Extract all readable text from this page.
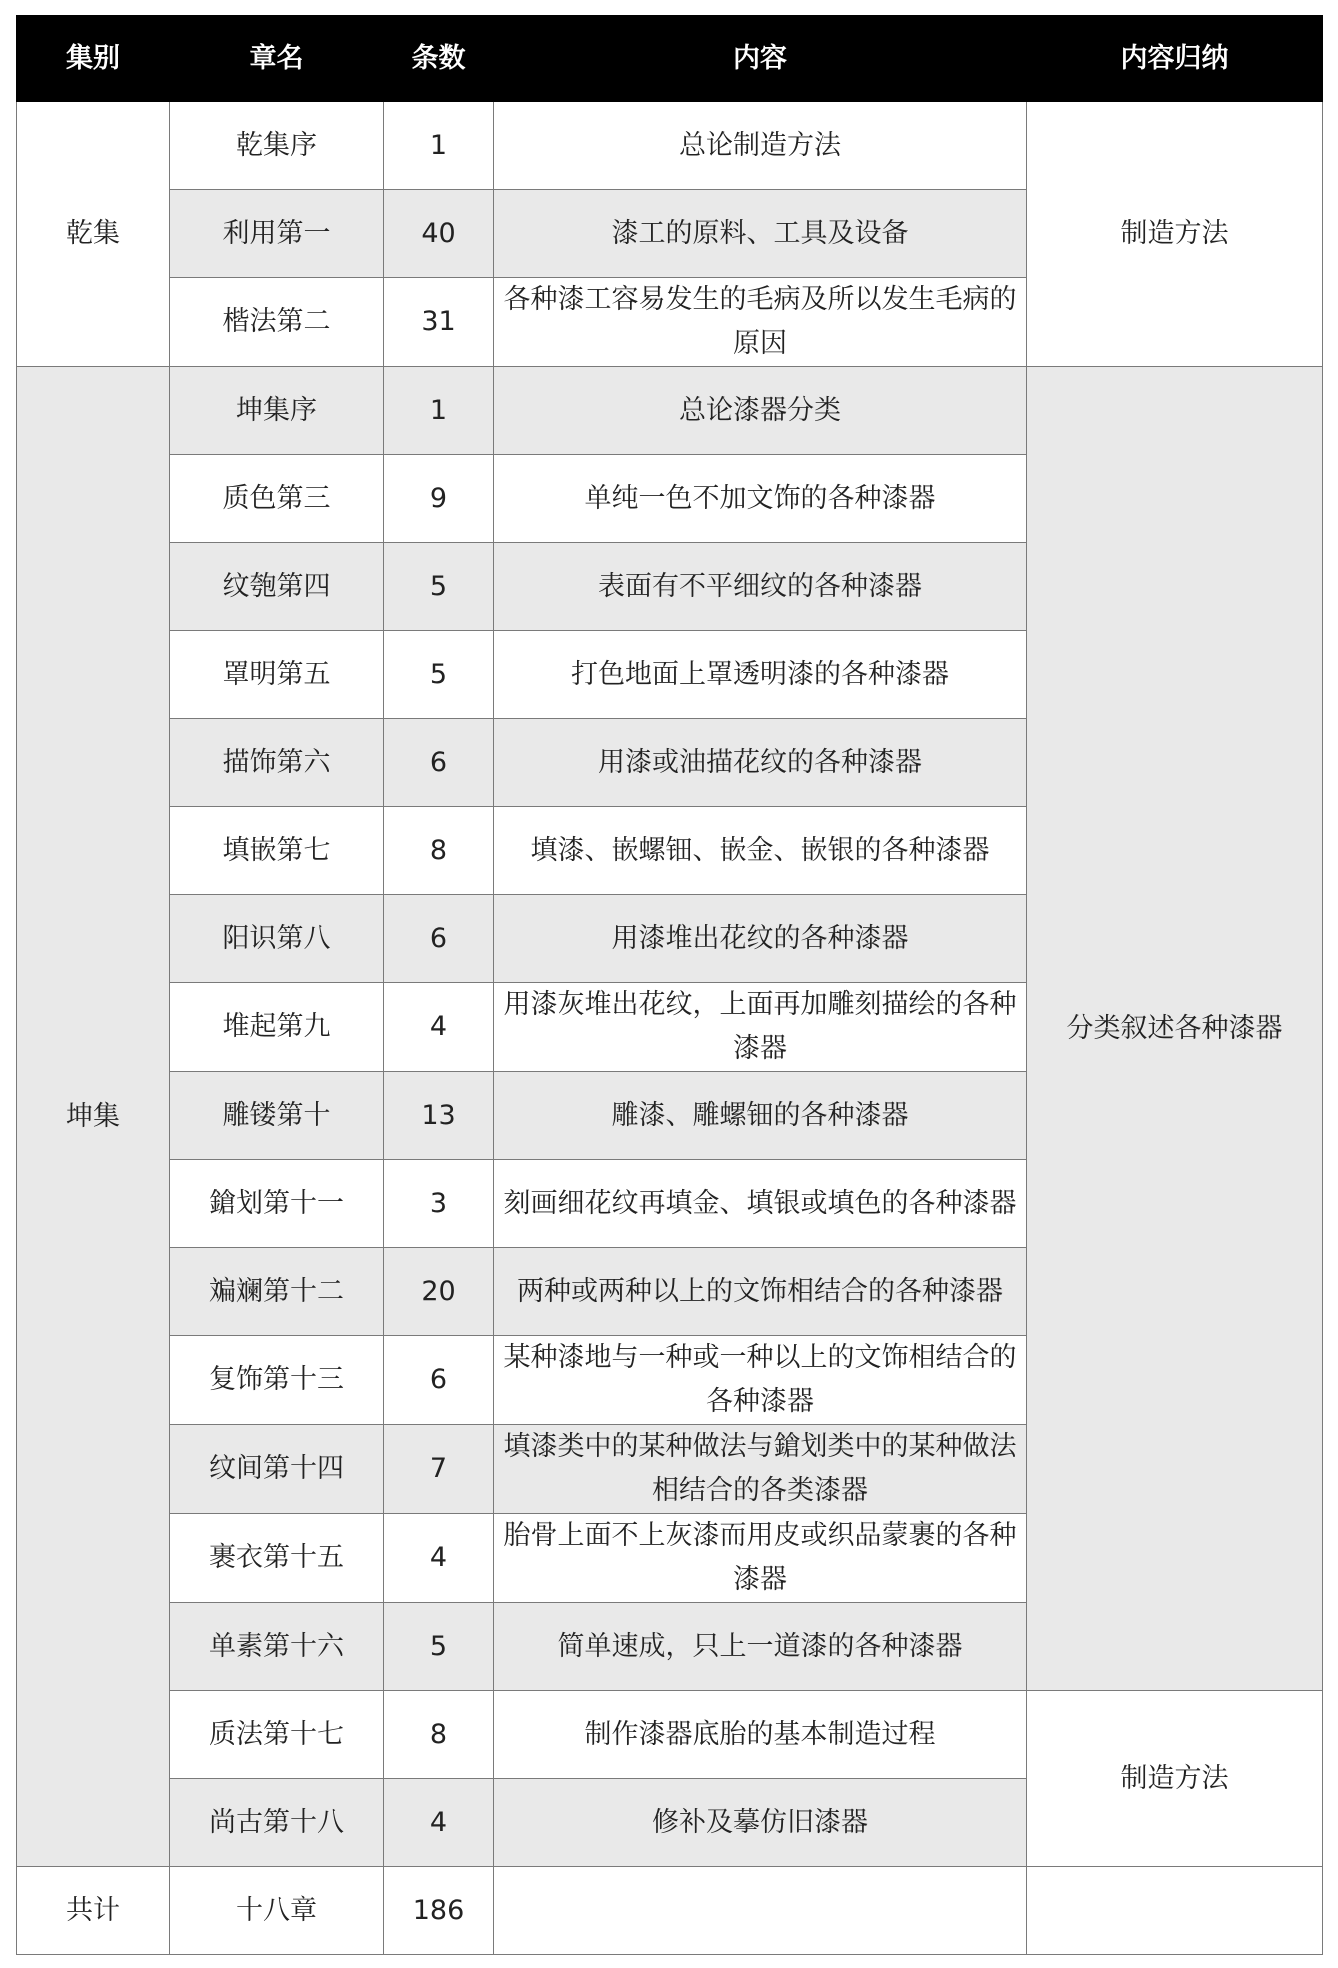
集别	章名	条数	内容	内容归纳
乾集	乾集序	1	总论制造方法	制造方法
	利用第一	40	漆工的原料、工具及设备	
	楷法第二	31	各种漆工容易发生的毛病及所以发生毛病的原因	
坤集	坤集序	1	总论漆器分类	分类叙述各种漆器
	质色第三	9	单纯一色不加文饰的各种漆器	
	纹匏第四	5	表面有不平细纹的各种漆器	
	罩明第五	5	打色地面上罩透明漆的各种漆器	
	描饰第六	6	用漆或油描花纹的各种漆器	
	填嵌第七	8	填漆、嵌螺钿、嵌金、嵌银的各种漆器	
	阳识第八	6	用漆堆出花纹的各种漆器	
	堆起第九	4	用漆灰堆出花纹，上面再加雕刻描绘的各种漆器	
	雕镂第十	13	雕漆、雕螺钿的各种漆器	
	鎗划第十一	3	刻画细花纹再填金、填银或填色的各种漆器	
	斒斓第十二	20	两种或两种以上的文饰相结合的各种漆器	
	复饰第十三	6	某种漆地与一种或一种以上的文饰相结合的各种漆器	
	纹间第十四	7	填漆类中的某种做法与鎗划类中的某种做法相结合的各类漆器	
	裹衣第十五	4	胎骨上面不上灰漆而用皮或织品蒙裹的各种漆器	
	单素第十六	5	简单速成，只上一道漆的各种漆器	
	质法第十七	8	制作漆器底胎的基本制造过程	制造方法
	尚古第十八	4	修补及摹仿旧漆器	
共计	十八章	186		
